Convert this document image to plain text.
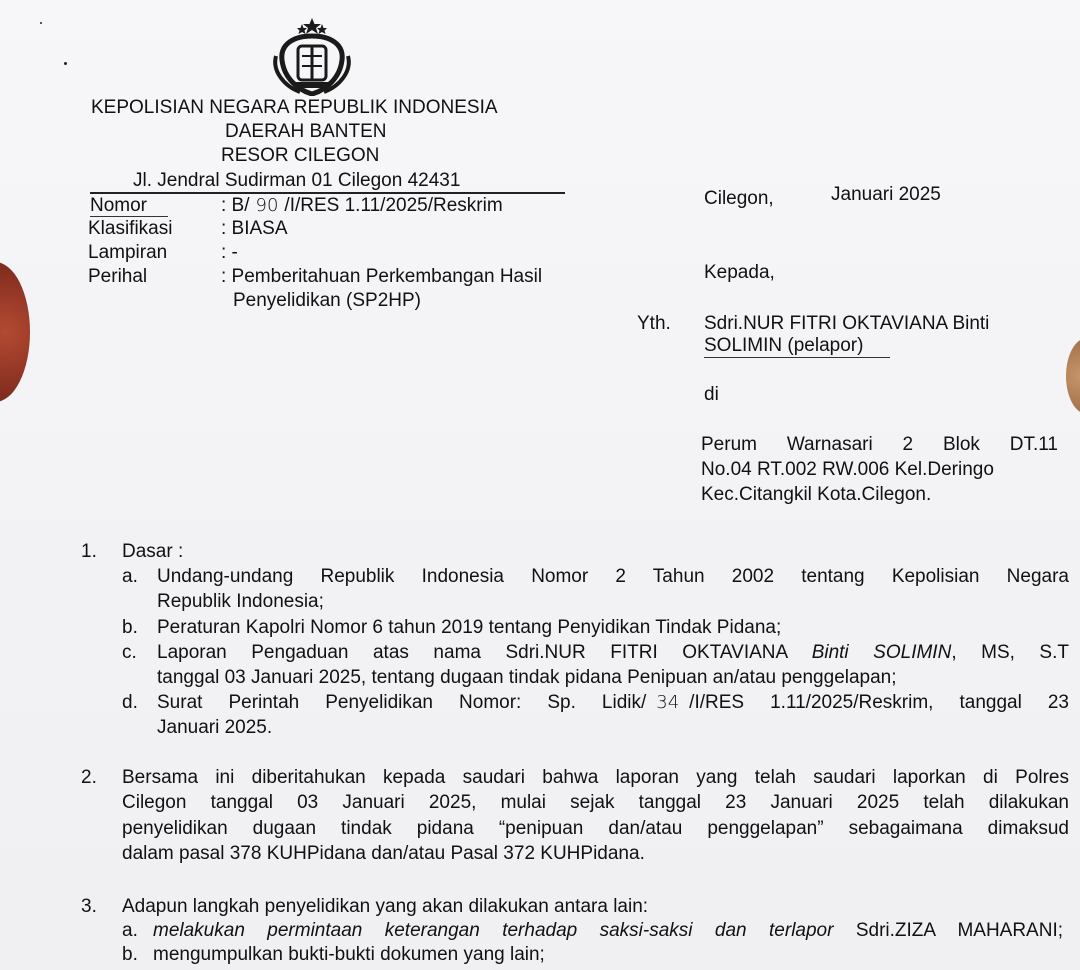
KEPOLISIAN NEGARA REPUBLIK INDONESIA
DAERAH BANTEN
RESOR CILEGON
Jl. Jendral Sudirman 01 Cilegon 42431
Nomor	: B/ 90 /I/RES 1.11/2025/Reskrim
Klasifikasi	: BIASA
Lampiran	: -
Perihal	: Pemberitahuan Perkembangan Hasil
Penyelidikan (SP2HP)
Cilegon,	Januari 2025
Kepada,
Yth. Sdri.NUR FITRI OKTAVIANA Binti
SOLIMIN (pelapor)
di
Perum Warnasari 2 Blok DT.11
No.04 RT.002 RW.006 Kel.Deringo
Kec.Citangkil Kota.Cilegon.
1. Dasar :
a. Undang-undang Republik Indonesia Nomor 2 Tahun 2002 tentang Kepolisian Negara
Republik Indonesia;
b. Peraturan Kapolri Nomor 6 tahun 2019 tentang Penyidikan Tindak Pidana;
c. Laporan Pengaduan atas nama Sdri.NUR FITRI OKTAVIANA Binti SOLIMIN, MS, S.T
tanggal 03 Januari 2025, tentang dugaan tindak pidana Penipuan an/atau penggelapan;
d. Surat Perintah Penyelidikan Nomor: Sp. Lidik/ 34 /I/RES 1.11/2025/Reskrim, tanggal 23
Januari 2025.
2. Bersama ini diberitahukan kepada saudari bahwa laporan yang telah saudari laporkan di Polres
Cilegon tanggal 03 Januari 2025, mulai sejak tanggal 23 Januari 2025 telah dilakukan
penyelidikan dugaan tindak pidana “penipuan dan/atau penggelapan” sebagaimana dimaksud
dalam pasal 378 KUHPidana dan/atau Pasal 372 KUHPidana.
3. Adapun langkah penyelidikan yang akan dilakukan antara lain:
a. melakukan permintaan keterangan terhadap saksi-saksi dan terlapor Sdri.ZIZA MAHARANI;
b. mengumpulkan bukti-bukti dokumen yang lain;
